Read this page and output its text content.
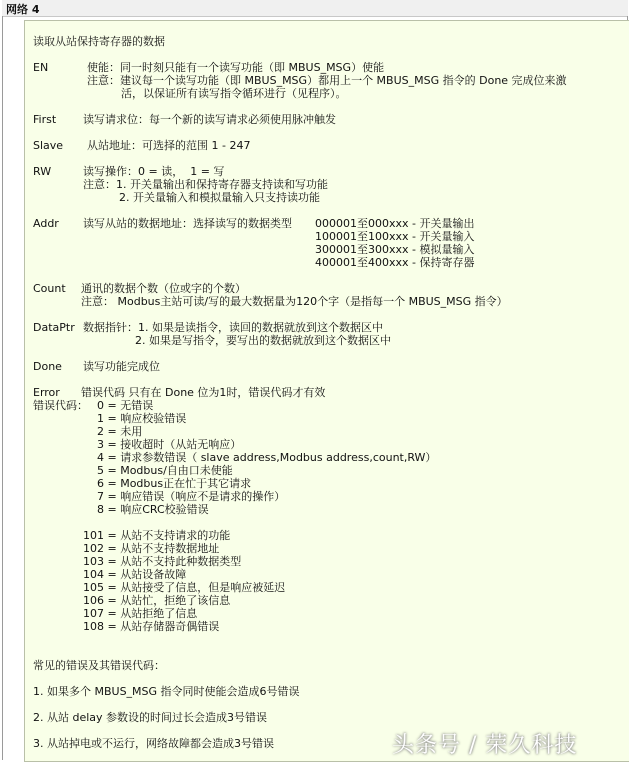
网络 4
读取从站保持寄存器的数据
EN	使能：同一时刻只能有一个读写功能（即 MBUS_MSG）使能
注意：建议每一个读写功能（即 MBUS_MSG）都用上一个 MBUS_MSG 指令的 Done 完成位来激
活，以保证所有读写指令循环进行（见程序）。
First 读写请求位：每一个新的读写请求必须使用脉冲触发
Slave 从站地址：可选择的范围 1 - 247
RW	读写操作：0 = 读，  1 = 写
注意：1. 开关量输出和保持寄存器支持读和写功能
2. 开关量输入和模拟量输入只支持读功能
Addr 读写从站的数据地址：选择读写的数据类型 000001至000xxx - 开关量输出
100001至100xxx - 开关量输入
300001至300xxx - 模拟量输入
400001至400xxx - 保持寄存器
Count 通讯的数据个数（位或字的个数）
注意： Modbus主站可读/写的最大数据量为120个字（是指每一个 MBUS_MSG 指令）
DataPtr 数据指针：1. 如果是读指令，读回的数据就放到这个数据区中
2. 如果是写指令，要写出的数据就放到这个数据区中
Done 读写功能完成位
Error 错误代码 只有在 Done 位为1时，错误代码才有效
错误代码： 0 = 无错误
1 = 响应校验错误
2 = 未用
3 = 接收超时（从站无响应）
4 = 请求参数错误（ slave address,Modbus address,count,RW）
5 = Modbus/自由口未使能
6 = Modbus正在忙于其它请求
7 = 响应错误（响应不是请求的操作）
8 = 响应CRC校验错误
101 = 从站不支持请求的功能
102 = 从站不支持数据地址
103 = 从站不支持此种数据类型
104 = 从站设备故障
105 = 从站接受了信息，但是响应被延迟
106 = 从站忙，拒绝了该信息
107 = 从站拒绝了信息
108 = 从站存储器奇偶错误
常见的错误及其错误代码：
1. 如果多个 MBUS_MSG 指令同时使能会造成6号错误
2. 从站 delay 参数设的时间过长会造成3号错误
3. 从站掉电或不运行，网络故障都会造成3号错误	头条号 / 荣久科技
